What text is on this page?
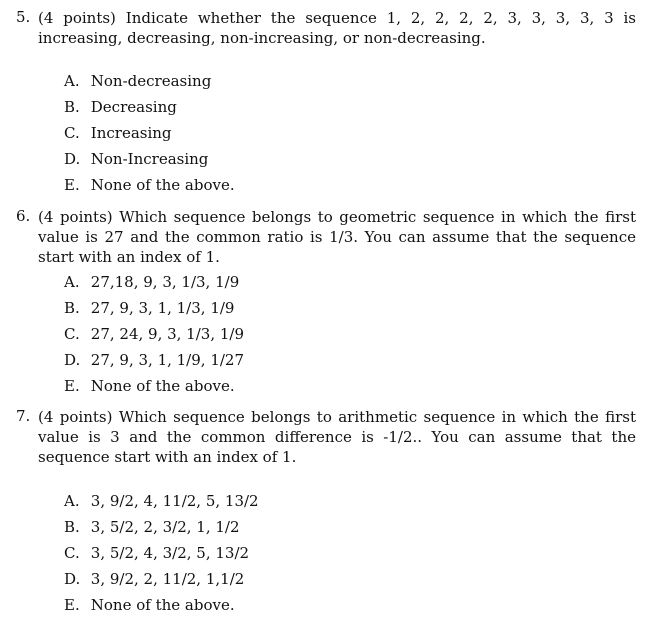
5. (4 points) Indicate whether the sequence 1, 2, 2, 2, 2, 3, 3, 3, 3, 3 is increasing, decreasing, non-increasing, or non-decreasing.
A. Non-decreasing
B. Decreasing
C. Increasing
D. Non-Increasing
E. None of the above.
6. (4 points) Which sequence belongs to geometric sequence in which the first value is 27 and the common ratio is 1/3. You can assume that the sequence start with an index of 1.
A. 27,18, 9, 3, 1/3, 1/9
B. 27, 9, 3, 1, 1/3, 1/9
C. 27, 24, 9, 3, 1/3, 1/9
D. 27, 9, 3, 1, 1/9, 1/27
E. None of the above.
7. (4 points) Which sequence belongs to arithmetic sequence in which the first value is 3 and the common difference is -1/2.. You can assume that the sequence start with an index of 1.
A. 3, 9/2, 4, 11/2, 5, 13/2
B. 3, 5/2, 2, 3/2, 1, 1/2
C. 3, 5/2, 4, 3/2, 5, 13/2
D. 3, 9/2, 2, 11/2, 1,1/2
E. None of the above.
